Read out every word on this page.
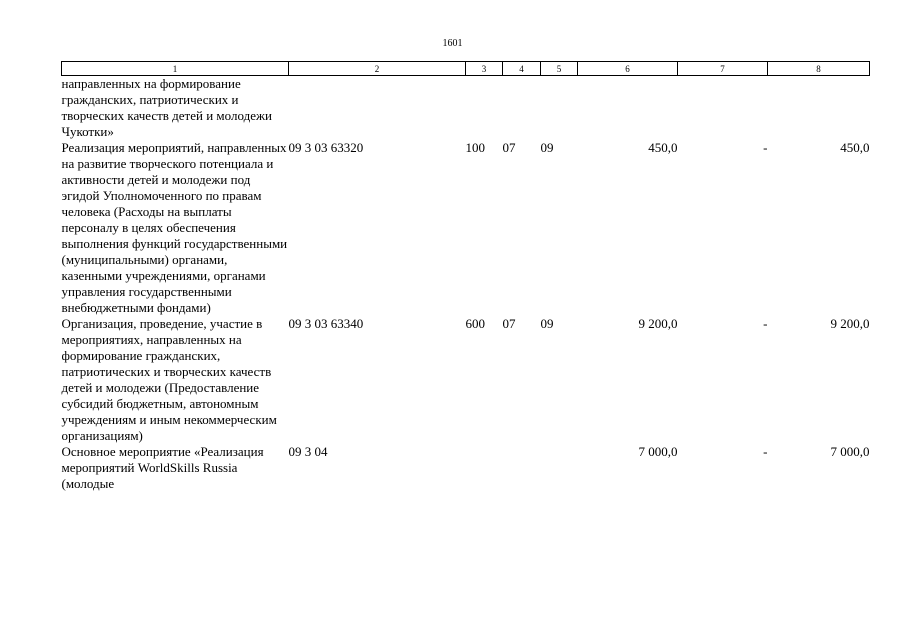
1601
1	2	3	4	5	6	7	8
направленных на формирование гражданских, патриотических и творческих качеств детей и молодежи Чукотки»							
Реализация мероприятий, направленных на развитие творческого потенциала и активности детей и молодежи под эгидой Уполномоченного по правам человека (Расходы на выплаты персоналу в целях обеспечения выполнения функций государственными (муниципальными) органами, казенными учреждениями, органами управления государственными внебюджетными фондами)	09 3 03 63320	100	07	09	450,0	-	450,0
Организация, проведение, участие в мероприятиях, направленных на формирование гражданских, патриотических и творческих качеств детей и молодежи (Предоставление субсидий бюджетным, автономным учреждениям и иным некоммерческим организациям)	09 3 03 63340	600	07	09	9 200,0	-	9 200,0
Основное мероприятие «Реализация мероприятий WorldSkills Russia (молодые	09 3 04				7 000,0	-	7 000,0
